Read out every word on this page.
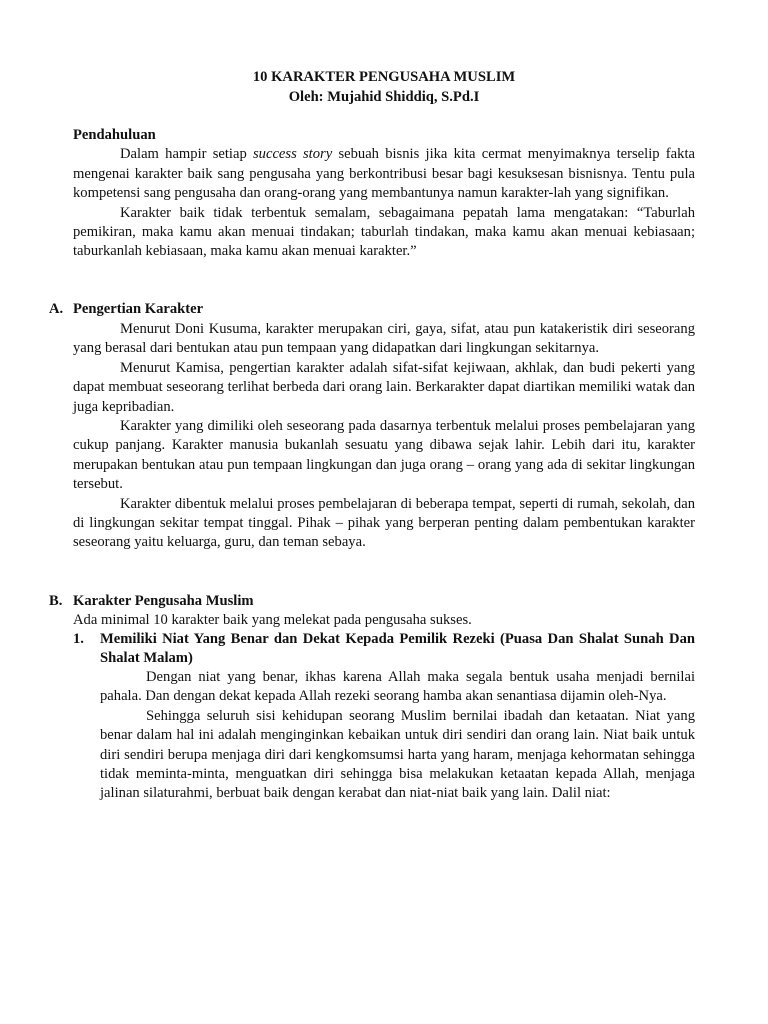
10 KARAKTER PENGUSAHA MUSLIM

Oleh: Mujahid Shiddiq, S.Pd.I

Pendahuluan

Dalam hampir setiap success story sebuah bisnis jika kita cermat menyimaknya terselip fakta mengenai karakter baik sang pengusaha yang berkontribusi besar bagi kesuksesan bisnisnya. Tentu pula kompetensi sang pengusaha dan orang-orang yang membantunya namun karakter-lah yang signifikan.

Karakter baik tidak terbentuk semalam, sebagaimana pepatah lama mengatakan: “Taburlah pemikiran, maka kamu akan menuai tindakan; taburlah tindakan, maka kamu akan menuai kebiasaan; taburkanlah kebiasaan, maka kamu akan menuai karakter.”

A. Pengertian Karakter

Menurut Doni Kusuma, karakter merupakan ciri, gaya, sifat, atau pun katakeristik diri seseorang yang berasal dari bentukan atau pun tempaan yang didapatkan dari lingkungan sekitarnya.

Menurut Kamisa, pengertian karakter adalah sifat-sifat kejiwaan, akhlak, dan budi pekerti yang dapat membuat seseorang terlihat berbeda dari orang lain. Berkarakter dapat diartikan memiliki watak dan juga kepribadian.

Karakter yang dimiliki oleh seseorang pada dasarnya terbentuk melalui proses pembelajaran yang cukup panjang. Karakter manusia bukanlah sesuatu yang dibawa sejak lahir. Lebih dari itu, karakter merupakan bentukan atau pun tempaan lingkungan dan juga orang – orang yang ada di sekitar lingkungan tersebut.

Karakter dibentuk melalui proses pembelajaran di beberapa tempat, seperti di rumah, sekolah, dan di lingkungan sekitar tempat tinggal. Pihak – pihak yang berperan penting dalam pembentukan karakter seseorang yaitu keluarga, guru, dan teman sebaya.

B. Karakter Pengusaha Muslim

Ada minimal 10 karakter baik yang melekat pada pengusaha sukses.

1.	Memiliki Niat Yang Benar dan Dekat Kepada Pemilik Rezeki (Puasa Dan Shalat Sunah Dan Shalat Malam)

Dengan niat yang benar, ikhas karena Allah maka segala bentuk usaha menjadi bernilai pahala. Dan dengan dekat kepada Allah rezeki seorang hamba akan senantiasa dijamin oleh-Nya.

Sehingga seluruh sisi kehidupan seorang Muslim bernilai ibadah dan ketaatan. Niat yang benar dalam hal ini adalah menginginkan kebaikan untuk diri sendiri dan orang lain. Niat baik untuk diri sendiri berupa menjaga diri dari kengkomsumsi harta yang haram, menjaga kehormatan sehingga tidak meminta-minta, menguatkan diri sehingga bisa melakukan ketaatan kepada Allah, menjaga jalinan silaturahmi, berbuat baik dengan kerabat dan niat-niat baik yang lain. Dalil niat:
